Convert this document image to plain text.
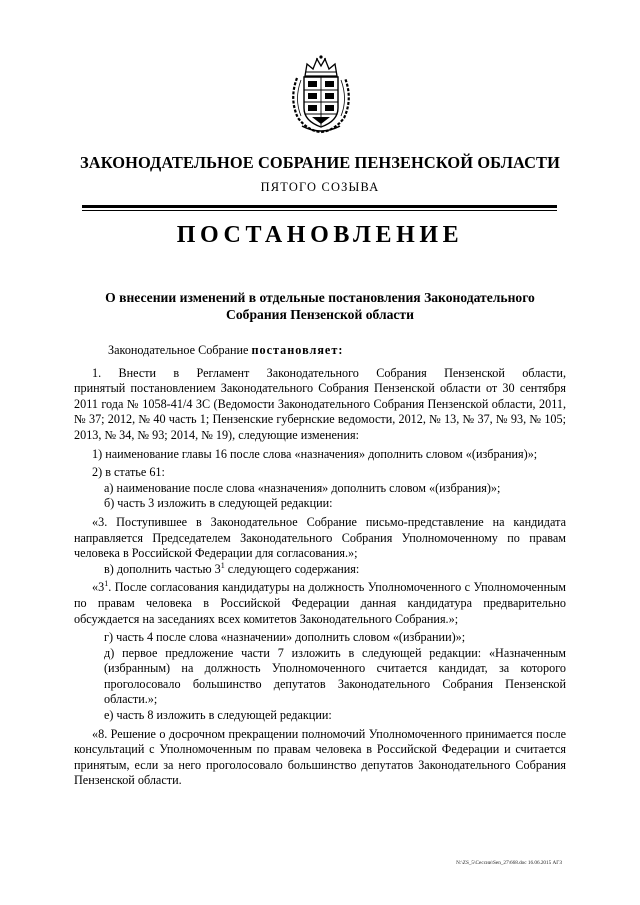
ЗАКОНОДАТЕЛЬНОЕ СОБРАНИЕ ПЕНЗЕНСКОЙ ОБЛАСТИ
ПЯТОГО СОЗЫВА
ПОСТАНОВЛЕНИЕ
О внесении изменений в отдельные постановления Законодательного
Собрания Пензенской области

Законодательное Собрание постановляет:

1. Внести в Регламент Законодательного Собрания Пензенской области,

принятый постановлением Законодательного Собрания Пензенской области от 30 сентября 2011 года № 1058-41/4 ЗС (Ведомости Законодательного Собрания Пензенской области, 2011, № 37; 2012, № 40 часть 1; Пензенские губернские ведомости, 2012, № 13, № 37, № 93, № 105; 2013, № 34, № 93; 2014, № 19), следующие изменения:

1) наименование главы 16 после слова «назначения» дополнить словом «(избрания)»;

2) в статье 61:

а) наименование после слова «назначения» дополнить словом «(избрания)»;

б) часть 3 изложить в следующей редакции:

«3. Поступившее в Законодательное Собрание письмо-представление на кандидата направляется Председателем Законодательного Собрания Уполномоченному по правам человека в Российской Федерации для согласования.»;

в) дополнить частью $3^1$ следующего содержания:

«$3^1$. После согласования кандидатуры на должность Уполномоченного с Уполномоченным по правам человека в Российской Федерации данная кандидатура предварительно обсуждается на заседаниях всех комитетов Законодательного Собрания.»;

г) часть 4 после слова «назначении» дополнить словом «(избрании)»;

д) первое предложение части 7 изложить в следующей редакции: «Назначенным (избранным) на должность Уполномоченного считается кандидат, за которого проголосовало большинство депутатов Законодательного Собрания Пензенской области.»;

е) часть 8 изложить в следующей редакции:

«8. Решение о досрочном прекращении полномочий Уполномоченного принимается после консультаций с Уполномоченным по правам человека в Российской Федерации и считается принятым, если за него проголосовало большинство депутатов Законодательного Собрания Пензенской области.

N:\ZS_5\Сессии\Sen_27\668.doc 16.06.2015 АГЗ
